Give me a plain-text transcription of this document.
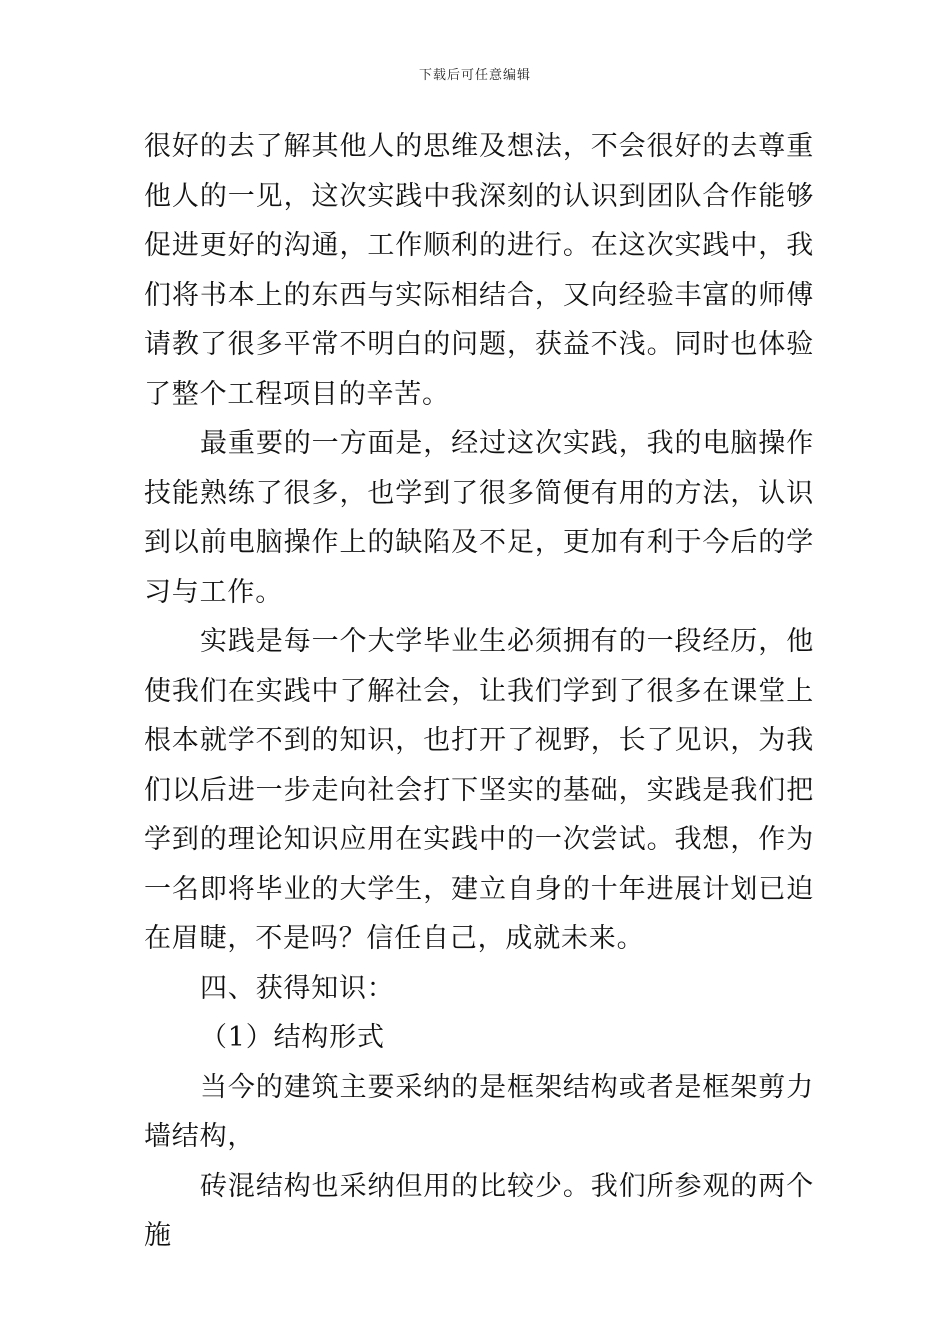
下载后可任意编辑

很好的去了解其他人的思维及想法，不会很好的去尊重他人的一见，这次实践中我深刻的认识到团队合作能够促进更好的沟通，工作顺利的进行。在这次实践中，我们将书本上的东西与实际相结合，又向经验丰富的师傅请教了很多平常不明白的问题，获益不浅。同时也体验了整个工程项目的辛苦。

最重要的一方面是，经过这次实践，我的电脑操作技能熟练了很多，也学到了很多简便有用的方法，认识到以前电脑操作上的缺陷及不足，更加有利于今后的学习与工作。

实践是每一个大学毕业生必须拥有的一段经历，他使我们在实践中了解社会，让我们学到了很多在课堂上根本就学不到的知识，也打开了视野，长了见识，为我们以后进一步走向社会打下坚实的基础，实践是我们把学到的理论知识应用在实践中的一次尝试。我想，作为一名即将毕业的大学生，建立自身的十年进展计划已迫在眉睫，不是吗？信任自己，成就未来。

四、获得知识：

（1）结构形式

当今的建筑主要采纳的是框架结构或者是框架剪力墙结构，

砖混结构也采纳但用的比较少。我们所参观的两个施
